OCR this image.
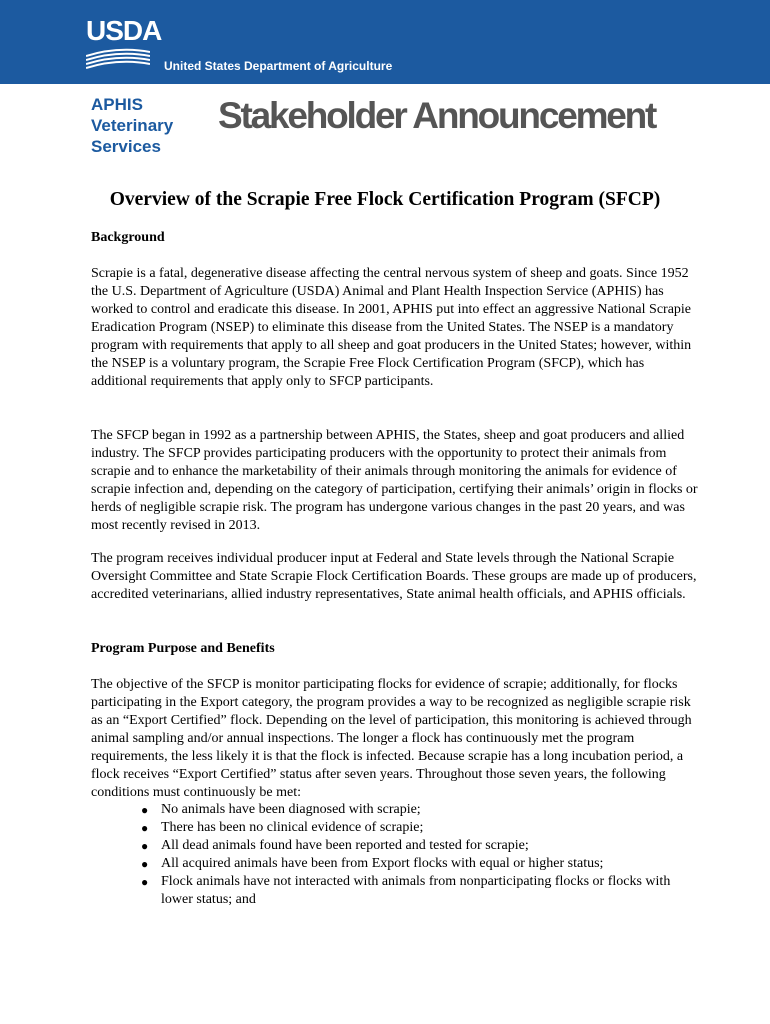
USDA
United States Department of Agriculture
APHIS
Veterinary
Services
Stakeholder Announcement
Overview of the Scrapie Free Flock Certification Program (SFCP)
Background
Scrapie is a fatal, degenerative disease affecting the central nervous system of sheep and goats. Since 1952 the U.S. Department of Agriculture (USDA) Animal and Plant Health Inspection Service (APHIS) has worked to control and eradicate this disease. In 2001, APHIS put into effect an aggressive National Scrapie Eradication Program (NSEP) to eliminate this disease from the United States. The NSEP is a mandatory program with requirements that apply to all sheep and goat producers in the United States; however, within the NSEP is a voluntary program, the Scrapie Free Flock Certification Program (SFCP), which has additional requirements that apply only to SFCP participants.
The SFCP began in 1992 as a partnership between APHIS, the States, sheep and goat producers and allied industry. The SFCP provides participating producers with the opportunity to protect their animals from scrapie and to enhance the marketability of their animals through monitoring the animals for evidence of scrapie infection and, depending on the category of participation, certifying their animals’ origin in flocks or herds of negligible scrapie risk. The program has undergone various changes in the past 20 years, and was most recently revised in 2013.
The program receives individual producer input at Federal and State levels through the National Scrapie Oversight Committee and State Scrapie Flock Certification Boards. These groups are made up of producers, accredited veterinarians, allied industry representatives, State animal health officials, and APHIS officials.
Program Purpose and Benefits
The objective of the SFCP is monitor participating flocks for evidence of scrapie; additionally, for flocks participating in the Export category, the program provides a way to be recognized as negligible scrapie risk as an “Export Certified” flock. Depending on the level of participation, this monitoring is achieved through animal sampling and/or annual inspections. The longer a flock has continuously met the program requirements, the less likely it is that the flock is infected. Because scrapie has a long incubation period, a flock receives “Export Certified” status after seven years. Throughout those seven years, the following conditions must continuously be met:
● No animals have been diagnosed with scrapie;
● There has been no clinical evidence of scrapie;
● All dead animals found have been reported and tested for scrapie;
● All acquired animals have been from Export flocks with equal or higher status;
● Flock animals have not interacted with animals from nonparticipating flocks or flocks with lower status; and
